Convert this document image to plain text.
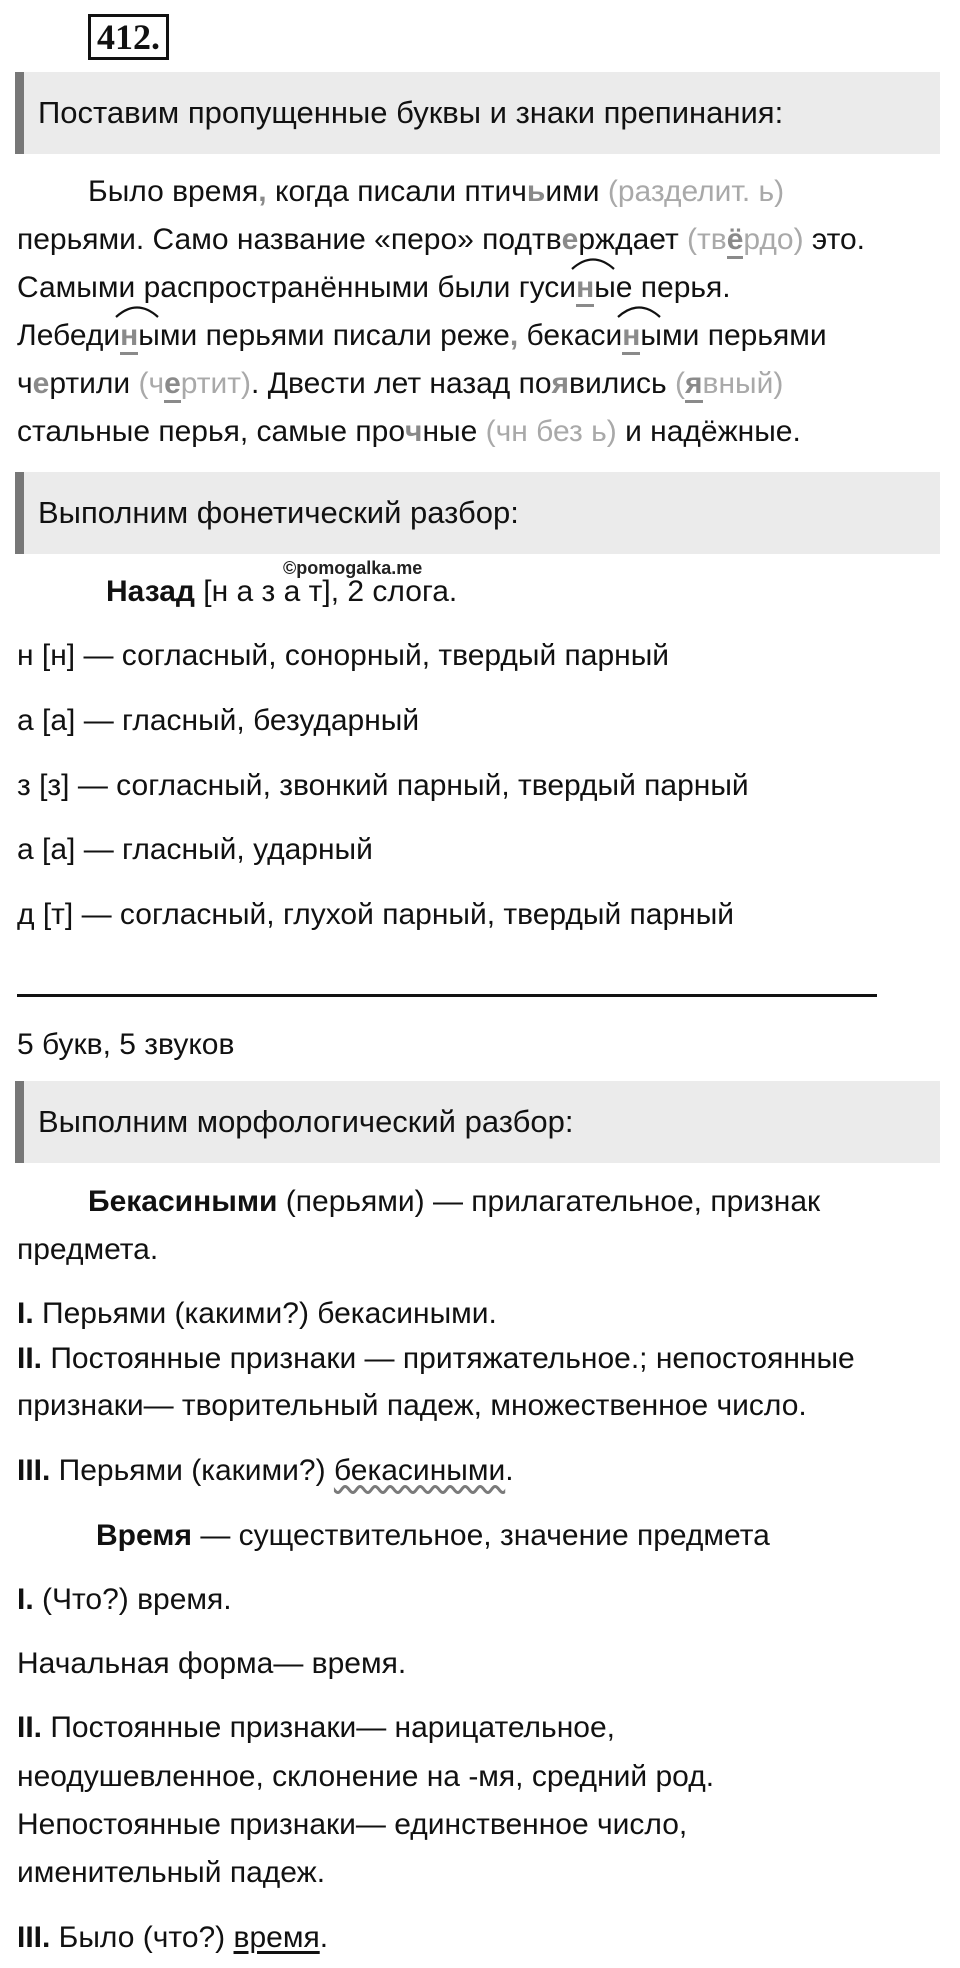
412.
Поставим пропущенные буквы и знаки препинания:
Было время, когда писали птичьими (разделит. ь)
перьями. Само название «перо» подтверждает (твёрдо) это.
Самыми распространёнными были гуси
ные перья.
Лебеди
ными перьями писали реже, бекаси
ными перьями
чертили (чертит). Двести лет назад появились (явный)
стальные перья, самые прочные (чн без ь) и надёжные.
Выполним фонетический разбор:
©pomogalka.me
Назад [н а з а т], 2 слога.
н [н] — согласный, сонорный, твердый парный
а [а] — гласный, безударный
з [з] — согласный, звонкий парный, твердый парный
а [а] — гласный, ударный
д [т] — согласный, глухой парный, твердый парный
5 букв, 5 звуков
Выполним морфологический разбор:
Бекасиными (перьями) — прилагательное, признак
предмета.
I. Перьями (какими?) бекасиными.
II. Постоянные признаки — притяжательное.; непостоянные
признаки— творительный падеж, множественное число.
III. Перьями (какими?) бекасиными.
Время — существительное, значение предмета
I. (Что?) время.
Начальная форма— время.
II. Постоянные признаки— нарицательное,
неодушевленное, склонение на -мя, средний род.
Непостоянные признаки— единственное число,
именительный падеж.
III. Было (что?) время.
